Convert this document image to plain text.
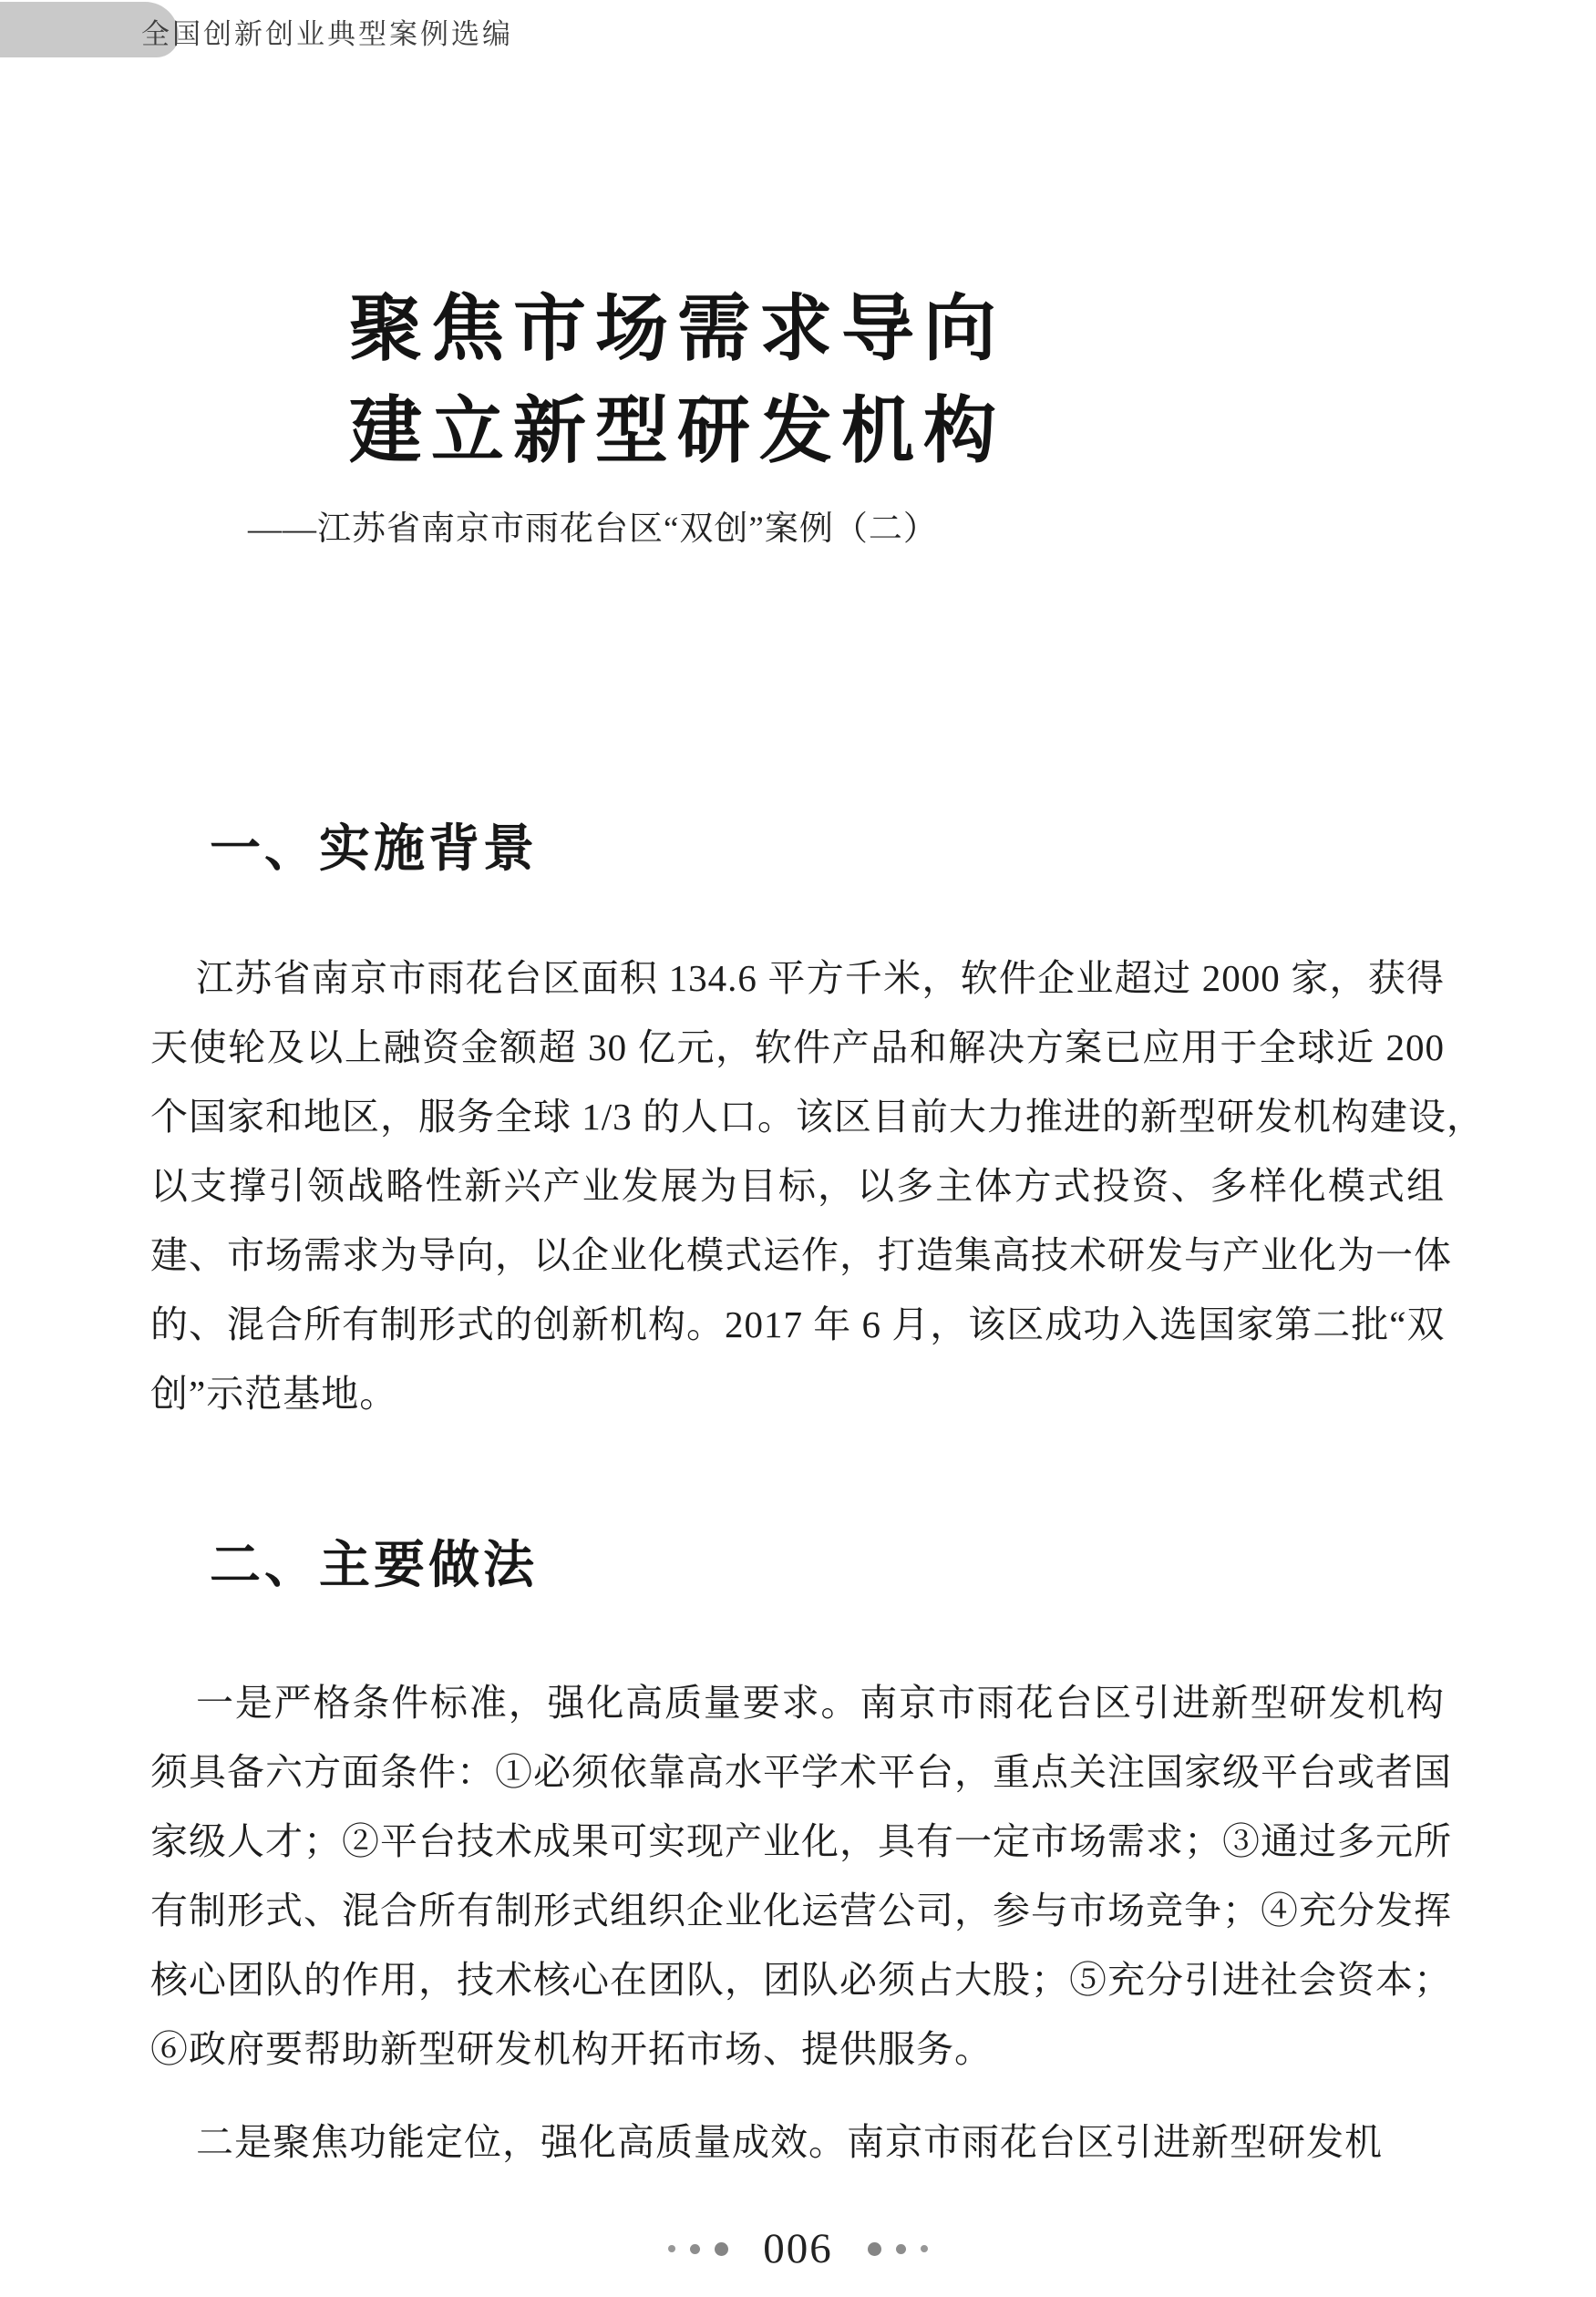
全国创新创业典型案例选编
聚焦市场需求导向
建立新型研发机构
——江苏省南京市雨花台区“双创”案例（二）
一、实施背景
江苏省南京市雨花台区面积 134.6 平方千米，软件企业超过 2000 家，获得
天使轮及以上融资金额超 30 亿元，软件产品和解决方案已应用于全球近 200
个国家和地区，服务全球 1/3 的人口。该区目前大力推进的新型研发机构建设，
以支撑引领战略性新兴产业发展为目标，以多主体方式投资、多样化模式组
建、市场需求为导向，以企业化模式运作，打造集高技术研发与产业化为一体
的、混合所有制形式的创新机构。2017 年 6 月，该区成功入选国家第二批“双
创”示范基地。
二、主要做法
一是严格条件标准，强化高质量要求。南京市雨花台区引进新型研发机构
须具备六方面条件：①必须依靠高水平学术平台，重点关注国家级平台或者国
家级人才；②平台技术成果可实现产业化，具有一定市场需求；③通过多元所
有制形式、混合所有制形式组织企业化运营公司，参与市场竞争；④充分发挥
核心团队的作用，技术核心在团队，团队必须占大股；⑤充分引进社会资本；
⑥政府要帮助新型研发机构开拓市场、提供服务。
二是聚焦功能定位，强化高质量成效。南京市雨花台区引进新型研发机
006
